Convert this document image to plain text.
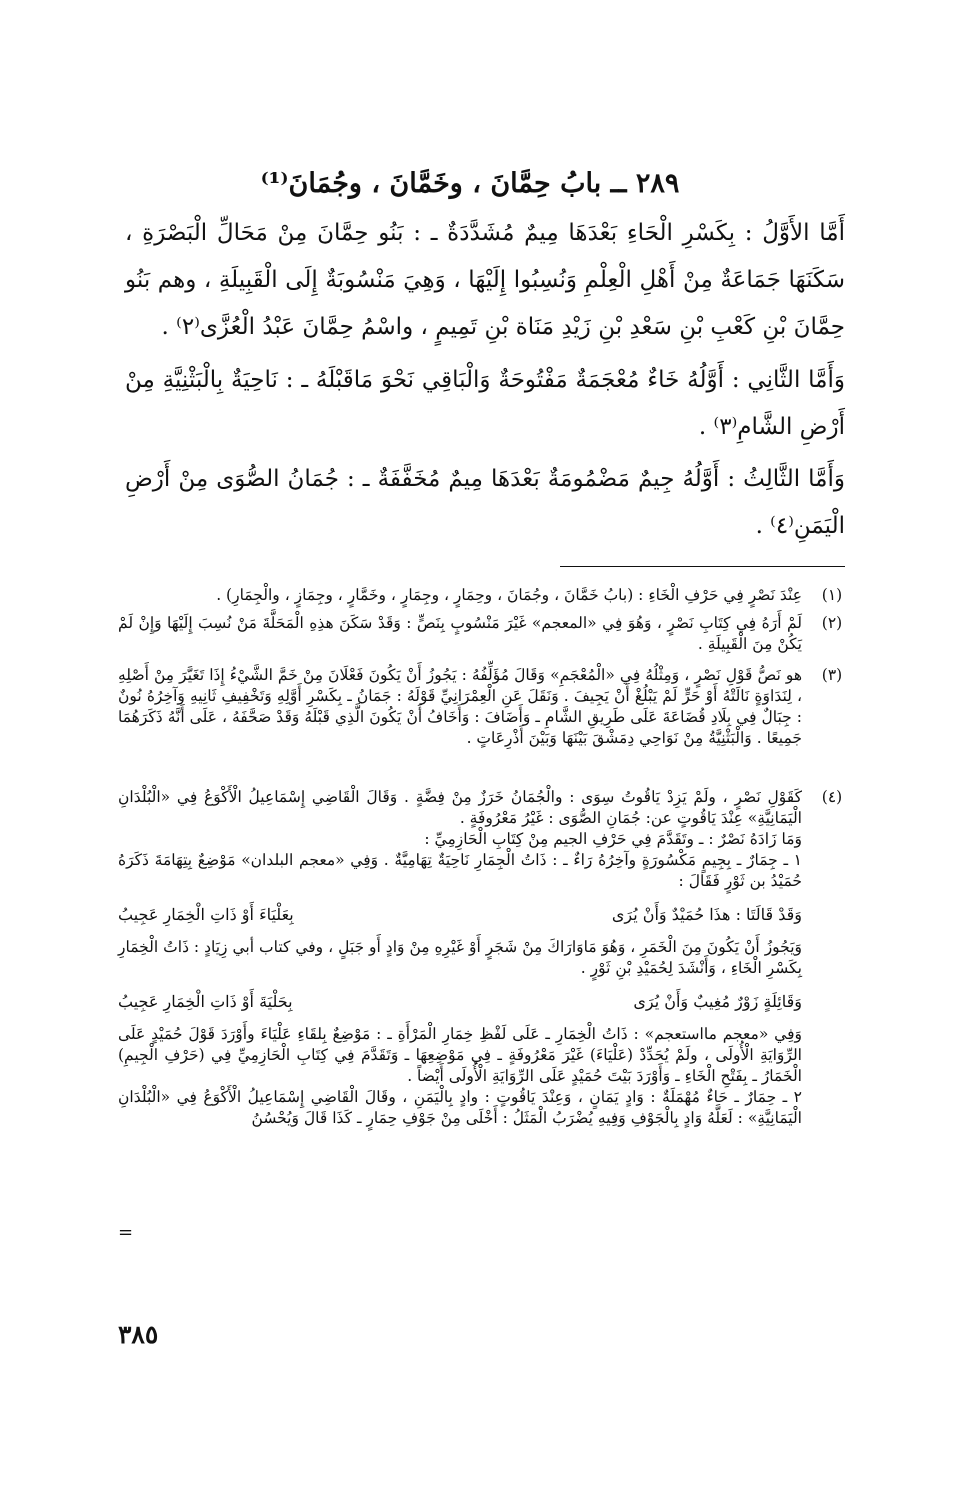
٢٨٩ ــ بابُ حِمَّانَ ، وخَمَّانَ ، وجُمَانَ⁽¹⁾
أَمَّا الأَوَّلُ : بِكَسْرِ الْحَاءِ بَعْدَهَا مِيمٌ مُشَدَّدَةٌ ـ : بَنُو حِمَّانَ مِنْ مَحَالِّ الْبَصْرَةِ ، سَكَنَهَا جَمَاعَةٌ مِنْ أَهْلِ الْعِلْمِ وَنُسِبُوا إِلَيْهَا ، وَهِيَ مَنْسُوبَةٌ إِلَى الْقَبِيلَةِ ، وهم بَنُو حِمَّانَ بْنِ كَعْبِ بْنِ سَعْدِ بْنِ زَيْدِ مَنَاة بْنِ تَمِيمٍ ، واسْمُ حِمَّانَ عَبْدُ الْعُزَّى⁽٢⁾ .
وَأَمَّا الثَّانِي : أَوَّلُهُ خَاءٌ مُعْجَمَةٌ مَفْتُوحَةٌ وَالْبَاقِي نَحْوَ مَاقَبْلَهُ ـ : نَاحِيَةٌ بِالْبَثْنِيَّةِ مِنْ أَرْضِ الشَّامِ⁽٣⁾ .
وَأَمَّا الثَّالِثُ : أَوَّلُهُ جِيمٌ مَضْمُومَةٌ بَعْدَهَا مِيمٌ مُخَفَّفَةٌ ـ : جُمَانُ الصُّوَى مِنْ أَرْضِ الْيَمَنِ⁽٤⁾ .
(١)
عِنْدَ نَصْرٍ فِي حَرْفِ الْخَاءِ : (بابُ خَمَّانَ ، وجُمَانَ ، وحِمَارٍ ، وجِمَارٍ ، وخَمَّارٍ ، وجِمَازٍ ، والْجِمَارِ) .
(٢)
لَمْ أَرَهُ فِي كِتَابِ نَصْرٍ ، وَهُوَ فِي «المعجم» غَيْرَ مَنْسُوبٍ بِنَصٍّ : وَقَدْ سَكَنَ هذِهِ الْمَحَلَّةَ مَنْ نُسِبَ إِلَيْهَا وَإِنْ لَمْ يَكُنْ مِنَ الْقَبِيلَةِ .
(٣)
هو نَصُّ قَوْلِ نَصْرٍ ، وَمِثْلُهُ فِي «الْمُعْجَمِ» وَقَالَ مُؤَلِّفُهُ : يَجُوزُ أَنْ يَكُونَ فَعْلَانَ مِنْ خَمَّ الشَّيْءُ إِذَا تَغَيَّرَ مِنْ أَصْلِهِ ، لِنَدَاوَةٍ نَالَتْهُ أَوْ حَرٍّ لَمْ يَبْلُغْ أَنْ يَجِيفَ . وَنَقَلَ عَنِ الْعِمْرَانِيِّ قَوْلَهُ : جَمَانُ ـ بِكَسْرِ أَوَّلِهِ وَتَخْفِيفِ ثَانِيهِ وَآخِرُهُ نُونٌ : جِبَالٌ فِي بِلَادِ قُضَاعَةَ عَلَى طَرِيقِ الشَّامِ ـ وَأَضَافَ : وَأَخَافُ أَنْ يَكُونَ الَّذِي قَبْلَهُ وَقَدْ صَحَّفَهُ ، عَلَى أَنَّهُ ذَكَرَهُمَا جَمِيعًا . وَالْبَثْنِيَّةُ مِنْ نَوَاحِي دِمَشْقَ بَيْنَهَا وَبَيْنَ أَذْرِعَاتٍ .
(٤)
كَقَوْلِ نَصْرٍ ، ولَمْ يَزِدْ يَاقُوتُ سِوَى : والْجُمَانُ خَرَزٌ مِنْ فِضَّةٍ . وَقَالَ الْقَاضِي إِسْمَاعِيلُ الْأَكْوَعُ فِي «الْبُلْدَانِ الْيَمَانِيَّةِ» عِنْدَ يَاقُوتٍ عن: جُمَانِ الصُّوَى : غَيْرُ مَعْرُوفَةٍ .
وَمَا زَادَهُ نَصْرٌ : ـ وتَقَدَّمَ فِي حَرْفِ الجيم مِنْ كِتَابِ الْحَازِمِيِّ :
١ ـ جِمَارٌ ـ بِجِيمٍ مَكْسُورَةٍ وآخِرُهُ رَاءٌ ـ : ذَاتُ الْجِمَارِ نَاحِيَةٌ تِهَامِيَّةٌ . وَفِي «معجم البلدان» مَوْضِعٌ بِتِهَامَةَ ذَكَرَهُ حُمَيْدُ بن ثَوْرٍ فَقَالَ :
وَقَدْ قَالَتَا : هذَا حُمَيْدٌ وَأَنْ يُرَى
بِعَلْيَاءَ أَوْ ذَاتِ الْخِمَارِ عَجِيبُ
وَيَجُوزُ أَنْ يَكُونَ مِنَ الْخَمَرِ ، وَهُوَ مَاوَارَاكَ مِنْ شَجَرٍ أَوْ غَيْرِهِ مِنْ وَادٍ أَو جَبَلٍ ، وفي كتاب أبي زِيَادٍ : ذَاتُ الْخِمَارِ بِكَسْرِ الْخَاءِ ، وَأَنْشَدَ لِحُمَيْدِ بْنِ ثَوْرٍ .
وَقَائِلَةٍ زَوْرٌ مُغِيبٌ وَأَنْ يُرَى
بِحَلْيَةَ أَوْ ذَاتِ الْخِمَارِ عَجِيبُ
وَفِي «معجم مااستعجم» : ذَاتُ الْخِمَارِ ـ عَلَى لَفْظِ خِمَارِ الْمَرْأَةِ ـ : مَوْضِعٌ بِلقَاءِ عَلْيَاءَ وأَوْرَدَ قَوْلَ حُمَيْدٍ عَلَى الرِّوَايَةِ الْأُولَى ، ولَمْ يُحَدِّدْ (عَلْيَاءَ) غَيْرَ مَعْرُوفَةٍ ـ فِي مَوْضِعِهَا ـ وَتَقَدَّمَ فِي كِتَابِ الْحَازِمِيِّ فِي (حَرْفِ الْجِيمِ) الْخَمَارُ ـ بِفَتْحِ الْخَاءِ ـ وَأَوْرَدَ بَيْتَ حُمَيْدٍ عَلَى الرِّوَايَةِ الْأُولَى أَيْضاً .
٢ ـ حِمَارٌ ـ حَاءٌ مُهْمَلَةٌ : وَادٍ يَمَانٍ ، وَعِنْدَ يَاقُوتٍ : وادٍ بِالْيَمَنِ ، وقَالَ الْقَاضِي إِسْمَاعِيلُ الْأَكْوَعُ فِي «الْبُلْدَانِ الْيَمَانِيَّةِ» : لَعَلَّهُ وَادٍ بِالْجَوْفِ وَفِيهِ يُضْرَبُ الْمَثَلُ : أَخْلَى مِنْ جَوْفِ حِمَارٍ ـ كَذَا قَالَ وَيُحْسُنُ
=
٣٨٥
